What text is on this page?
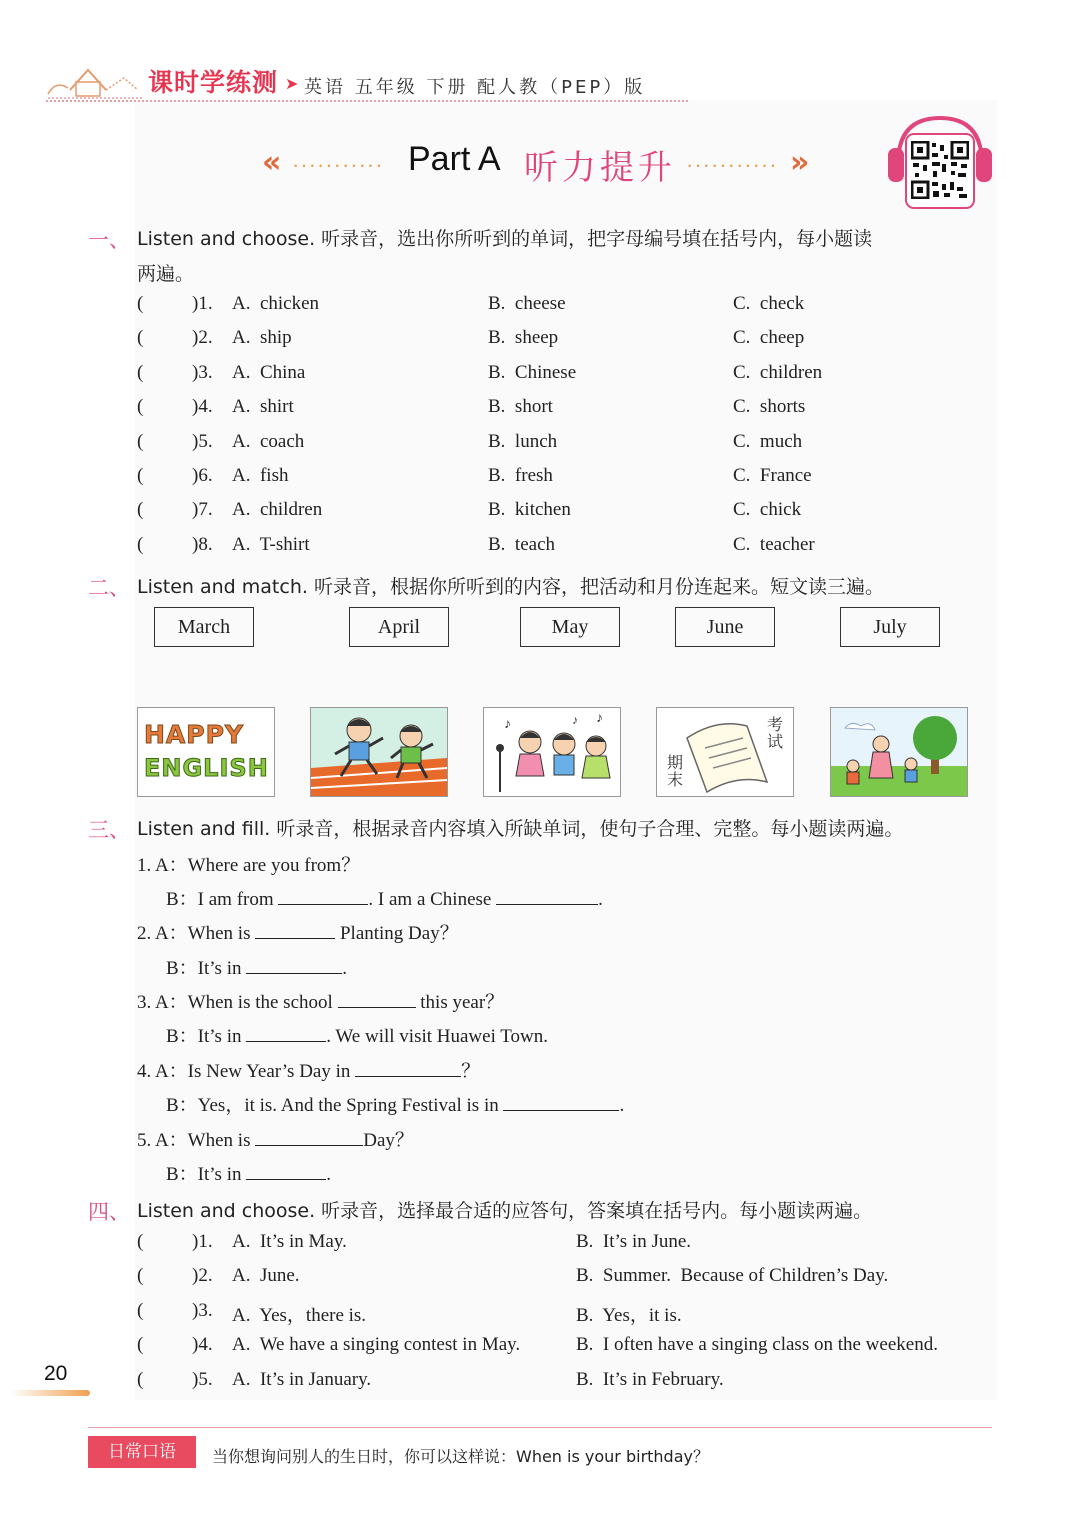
课时学练测 ➤ 英语 五年级 下册 配人教（PEP）版
« ··········· Part A 听力提升 ··········· »
一、 Listen and choose. 听录音，选出你所听到的单词，把字母编号填在括号内，每小题读
两遍。
(	)1. A.  chicken	B.  cheese	C.  check
(	)2. A.  ship	B.  sheep	C.  cheep
(	)3. A.  China	B.  Chinese	C.  children
(	)4. A.  shirt	B.  short	C.  shorts
(	)5. A.  coach	B.  lunch	C.  much
(	)6. A.  fish	B.  fresh	C.  France
(	)7. A.  children	B.  kitchen	C.  chick
(	)8. A.  T-shirt	B.  teach	C.  teacher
二、 Listen and match. 听录音，根据你所听到的内容，把活动和月份连起来。短文读三遍。
March	April	May	June	July
HAPPY
ENGLISH
♪	♪ ♪	考试
期末
三、 Listen and fill. 听录音，根据录音内容填入所缺单词，使句子合理、完整。每小题读两遍。
1. A：Where are you from？
B：I am from	. I am a Chinese	.
2. A：When is	Planting Day？
B：It’s in	.
3. A：When is the school	this year？
B：It’s in	. We will visit Huawei Town.
4. A：Is New Year’s Day in	？
B：Yes，it is. And the Spring Festival is in	.
5. A：When is	Day？
B：It’s in	.
四、 Listen and choose. 听录音，选择最合适的应答句，答案填在括号内。每小题读两遍。
(	)1. A.  It’s in May.	B.  It’s in June.
(	)2. A.  June.	B.  Summer.  Because of Children’s Day.
(	)3. A.  Yes，there is.	B.  Yes，it is.
(	)4. A.  We have a singing contest in May.	B.  I often have a singing class on the weekend.
(	)5. A.  It’s in January.	B.  It’s in February.
20
日常口语	当你想询问别人的生日时，你可以这样说：When is your birthday？
